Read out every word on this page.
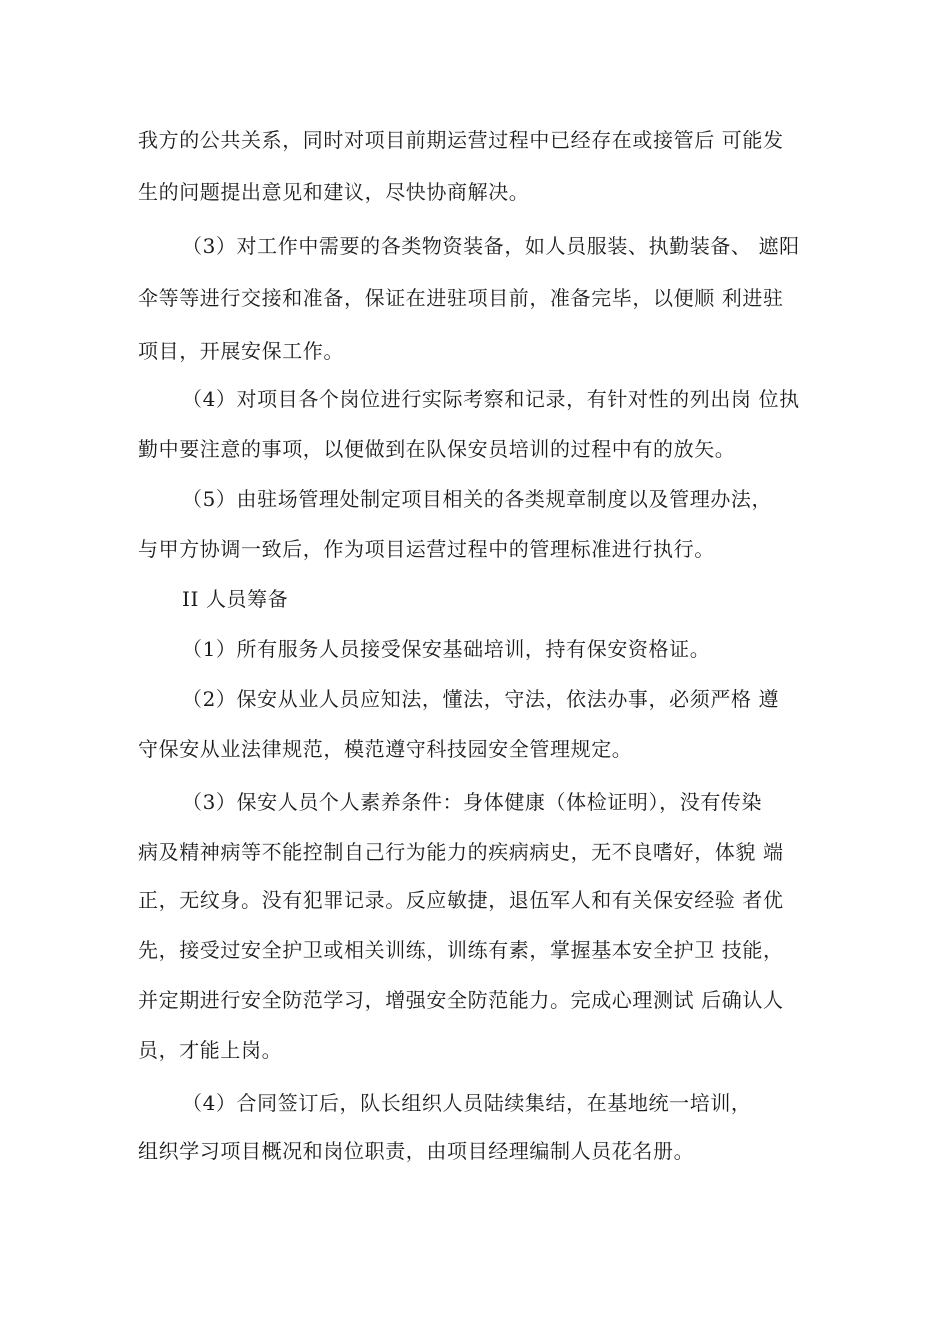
我方的公共关系，同时对项目前期运营过程中已经存在或接管后 可能发
生的问题提出意见和建议，尽快协商解决。
（3）对工作中需要的各类物资装备，如人员服装、执勤装备、 遮阳
伞等等进行交接和准备，保证在进驻项目前，准备完毕，以便顺 利进驻
项目，开展安保工作。
（4）对项目各个岗位进行实际考察和记录，有针对性的列出岗 位执
勤中要注意的事项，以便做到在队保安员培训的过程中有的放矢。
（5）由驻场管理处制定项目相关的各类规章制度以及管理办法，
与甲方协调一致后，作为项目运营过程中的管理标准进行执行。
II 人员筹备
（1）所有服务人员接受保安基础培训，持有保安资格证。
（2）保安从业人员应知法，懂法，守法，依法办事，必须严格 遵
守保安从业法律规范，模范遵守科技园安全管理规定。
（3）保安人员个人素养条件：身体健康（体检证明），没有传染
病及精神病等不能控制自己行为能力的疾病病史，无不良嗜好，体貌 端
正，无纹身。没有犯罪记录。反应敏捷，退伍军人和有关保安经验 者优
先，接受过安全护卫或相关训练，训练有素，掌握基本安全护卫 技能，
并定期进行安全防范学习，增强安全防范能力。完成心理测试 后确认人
员，才能上岗。
（4）合同签订后，队长组织人员陆续集结，在基地统一培训，
组织学习项目概况和岗位职责，由项目经理编制人员花名册。
